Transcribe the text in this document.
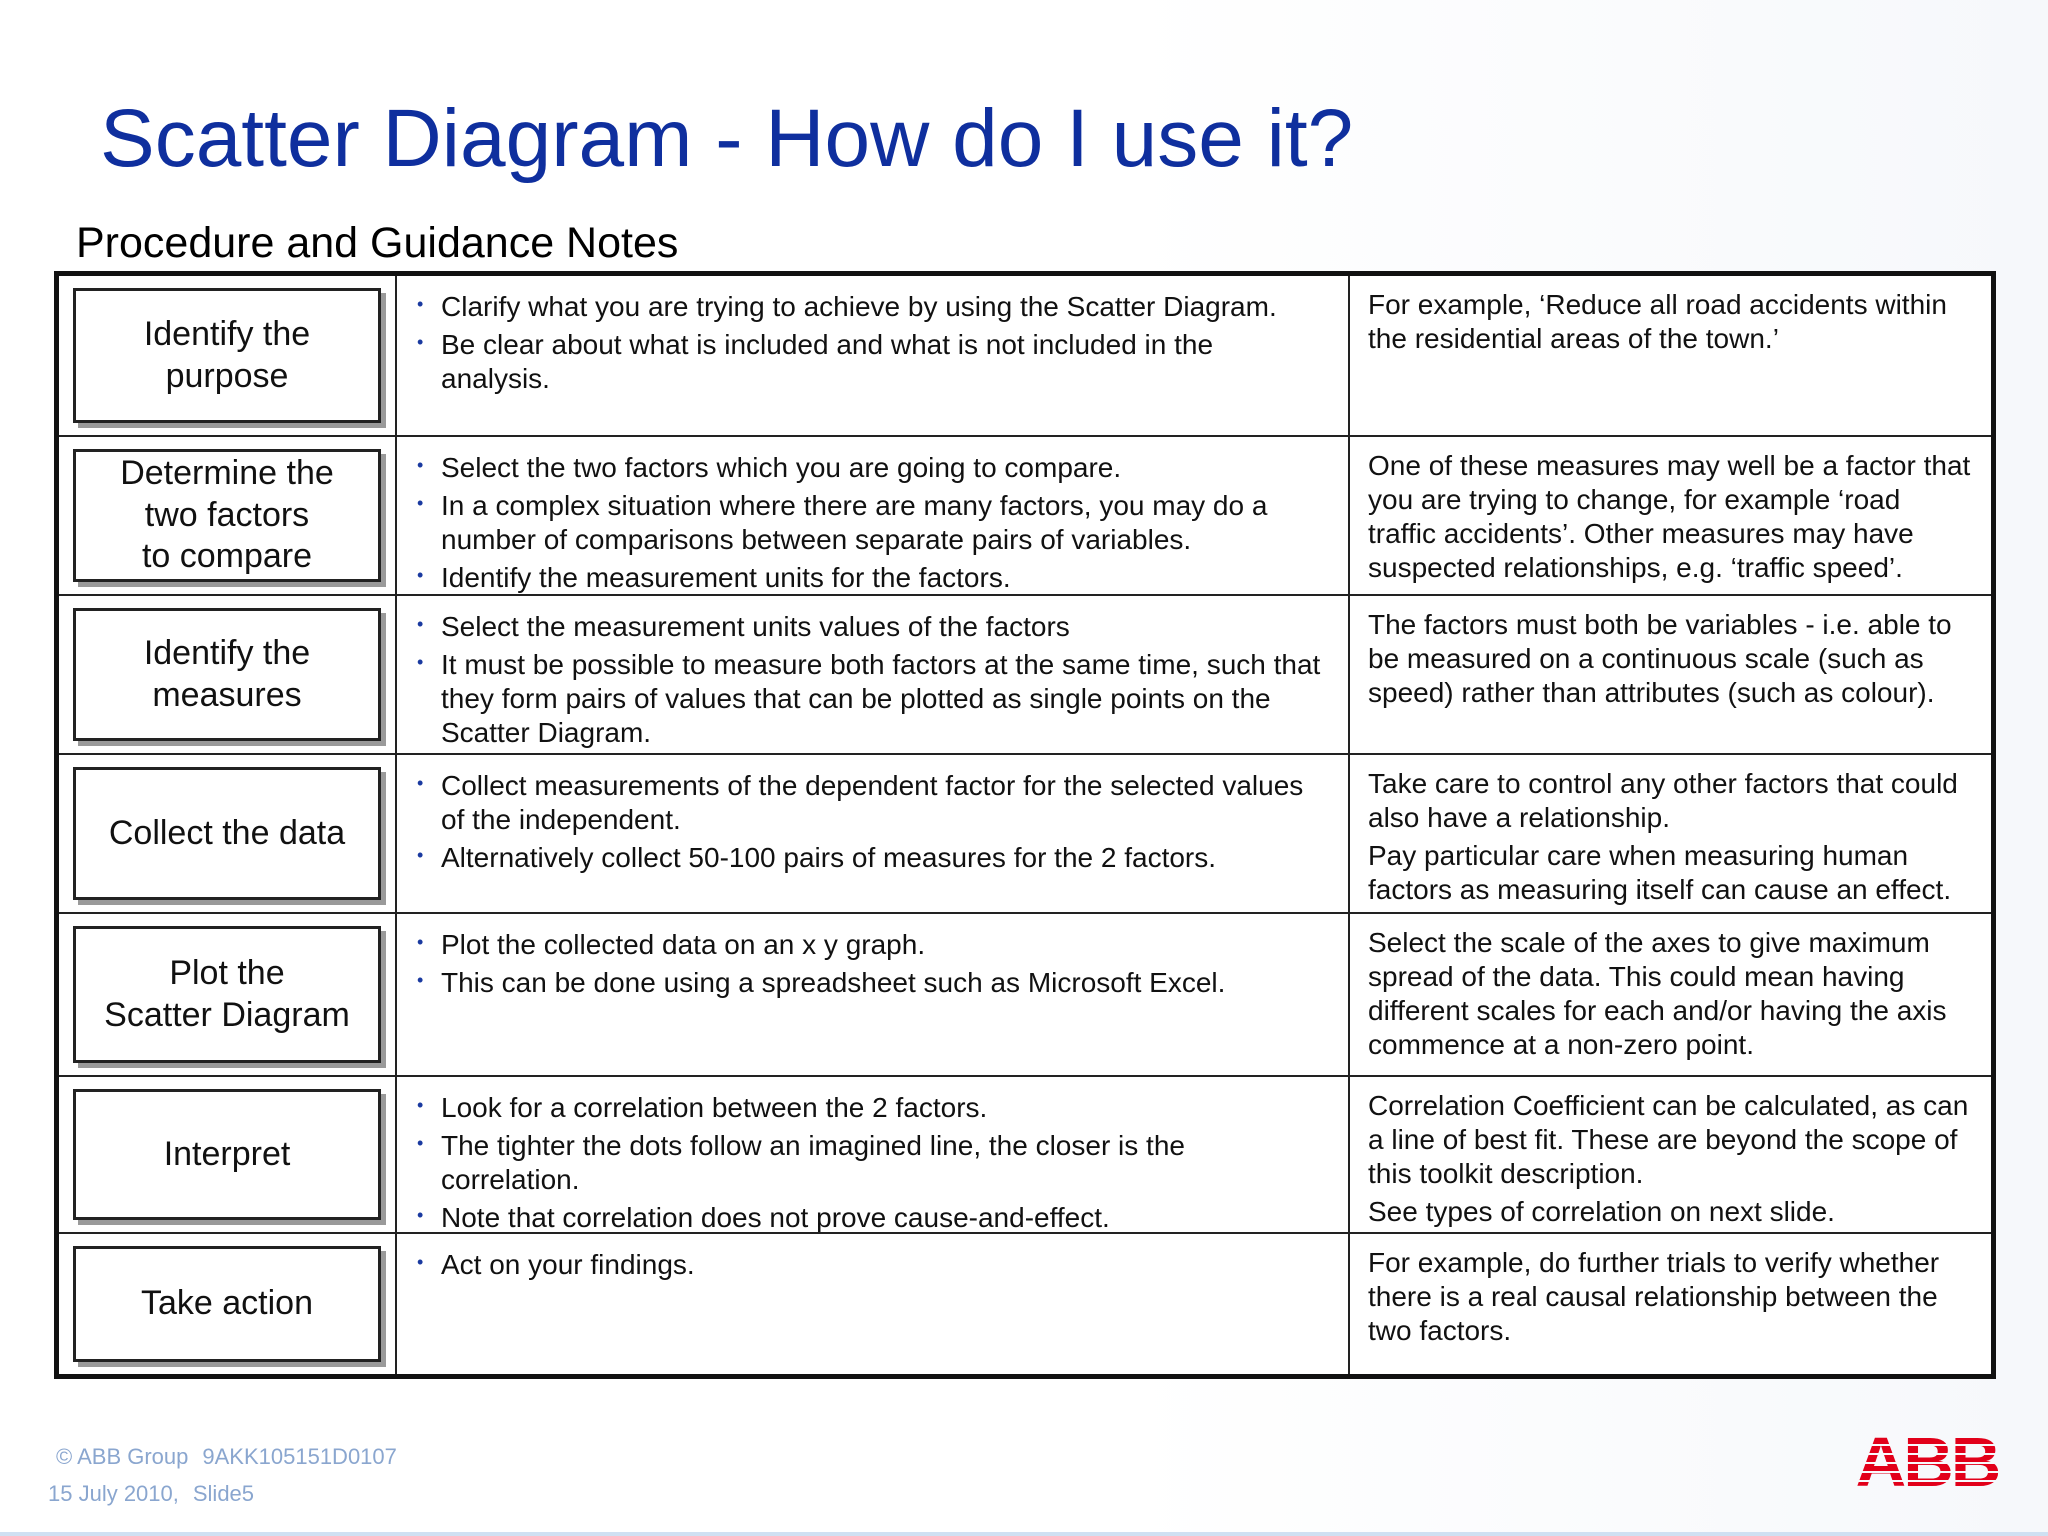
Scatter Diagram - How do I use it?
Procedure and Guidance Notes
Identify the
purpose
• Clarify what you are trying to achieve by using the Scatter Diagram.
• Be clear about what is included and what is not included in the analysis.

For example, ‘Reduce all road accidents within the residential areas of the town.’

Determine the
two factors
to compare
• Select the two factors which you are going to compare.
• In a complex situation where there are many factors, you may do a number of comparisons between separate pairs of variables.
• Identify the measurement units for the factors.

One of these measures may well be a factor that you are trying to change, for example ‘road traffic accidents’. Other measures may have suspected relationships, e.g. ‘traffic speed’.

Identify the
measures
• Select the measurement units values of the factors
• It must be possible to measure both factors at the same time, such that they form pairs of values that can be plotted as single points on the Scatter Diagram.

The factors must both be variables - i.e. able to be measured on a continuous scale (such as speed) rather than attributes (such as colour).

Collect the data
• Collect measurements of the dependent factor for the selected values of the independent.
• Alternatively collect 50-100 pairs of measures for the 2 factors.

Take care to control any other factors that could also have a relationship.

Pay particular care when measuring human factors as measuring itself can cause an effect.

Plot the
Scatter Diagram
• Plot the collected data on an x y graph.
• This can be done using a spreadsheet such as Microsoft Excel.

Select the scale of the axes to give maximum spread of the data. This could mean having different scales for each and/or having the axis commence at a non-zero point.

Interpret
• Look for a correlation between the 2 factors.
• The tighter the dots follow an imagined line, the closer is the correlation.
• Note that correlation does not prove cause-and-effect.

Correlation Coefficient can be calculated, as can a line of best fit. These are beyond the scope of this toolkit description.

See types of correlation on next slide.

Take action
• Act on your findings.	For example, do further trials to verify whether there is a real causal relationship between the two factors.

© ABB Group 9AKK105151D0107
15 July 2010, Slide5	ABB
